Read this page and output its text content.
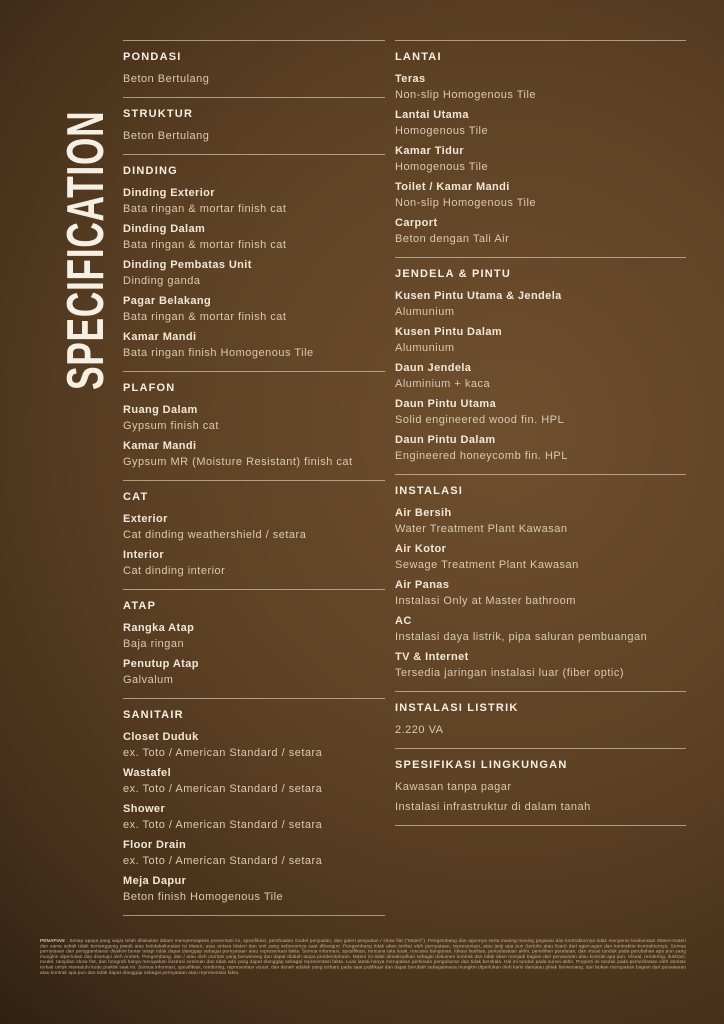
SPECIFICATION
PONDASI
Beton Bertulang
STRUKTUR
Beton Bertulang
DINDING
Dinding Exterior
Bata ringan & mortar finish cat
Dinding Dalam
Bata ringan & mortar finish cat
Dinding Pembatas Unit
Dinding ganda
Pagar Belakang
Bata ringan & mortar finish cat
Kamar Mandi
Bata ringan finish Homogenous Tile
PLAFON
Ruang Dalam
Gypsum finish cat
Kamar Mandi
Gypsum MR (Moisture Resistant) finish cat
CAT
Exterior
Cat dinding weathershield / setara
Interior
Cat dinding interior
ATAP
Rangka Atap
Baja ringan
Penutup Atap
Galvalum
SANITAIR
Closet Duduk
ex. Toto / American Standard / setara
Wastafel
ex. Toto / American Standard / setara
Shower
ex. Toto / American Standard / setara
Floor Drain
ex. Toto / American Standard / setara
Meja Dapur
Beton finish Homogenous Tile
LANTAI
Teras
Non-slip Homogenous Tile
Lantai Utama
Homogenous Tile
Kamar Tidur
Homogenous Tile
Toilet / Kamar Mandi
Non-slip Homogenous Tile
Carport
Beton dengan Tali Air
JENDELA & PINTU
Kusen Pintu Utama & Jendela
Alumunium
Kusen Pintu Dalam
Alumunium
Daun Jendela
Aluminium + kaca
Daun Pintu Utama
Solid engineered wood fin. HPL
Daun Pintu Dalam
Engineered honeycomb fin. HPL
INSTALASI
Air Bersih
Water Treatment Plant Kawasan
Air Kotor
Sewage Treatment Plant Kawasan
Air Panas
Instalasi Only at Master bathroom
AC
Instalasi daya listrik, pipa saluran pembuangan
TV & Internet
Tersedia jaringan instalasi luar (fiber optic)
INSTALASI LISTRIK
2.220 VA
SPESIFIKASI LINGKUNGAN
Kawasan tanpa pagar
Instalasi infrastruktur di dalam tanah
PENAFIAN : Setiap upaya yang wajar telah dilakukan dalam mempersiapkan presentasi ini, spesifikasi, pembuatan model penjualan, dan galeri penjualan / show flat ("Materi"). Pengembang dan agennya serta masing-masing pegawai dan kontraktornya tidak menjamin keakuratan Materi-materi dan sama sekali tidak bertanggung jawab atas ketidakakuratan isi Materi, atau antara Materi dan unit yang sebenarnya saat dibangun. Pengembang tidak akan terikat oleh pernyataan, representasi, atau janji apa pun (tertulis atau lisan) dari agen-agen dan kontraktor-kontraktornya. Semua pernyataan dan penggambaran diyakini benar tetapi tidak dapat dianggap sebagai pernyataan atau representasi fakta. Semua informasi, spesifikasi, rencana tata letak, rencana bangunan, lokasi fasilitas, penyelesaian akhir, pemilihan peralatan, dan visual tunduk pada perubahan apa pun yang mungkin diperlukan dan disetujui oleh Arsitek, Pengembang, dan / atau oleh otoritas yang berwenang dan dapat diubah tanpa pemberitahuan. Materi ini tidak dimaksudkan sebagai dokumen kontrak dan tidak akan menjadi bagian dari penawaran atau kontrak apa pun. Visual, rendering, ilustrasi, model, tampilan show flat, dan fotografi hanya merupakan ilustrasi seniman dan tidak ada yang dapat dianggap sebagai representasi fakta. Luas lantai hanya merupakan perkiraan pengukuran dan tidak berskala. Hal ini tunduk pada survei akhir. Properti ini tunduk pada pemeriksaan oleh otoritas terkait untuk mematuhi kode praktik saat ini. Semua informasi, spesifikasi, rendering, representasi visual, dan denah adalah yang terbaru pada saat publikasi dan dapat berubah sebagaimana mungkin diperlukan oleh kami dan/atau pihak berwenang, dan bukan merupakan bagian dari penawaran atau kontrak apa pun dan tidak dapat dianggap sebagai pernyataan atau representasi fakta.
